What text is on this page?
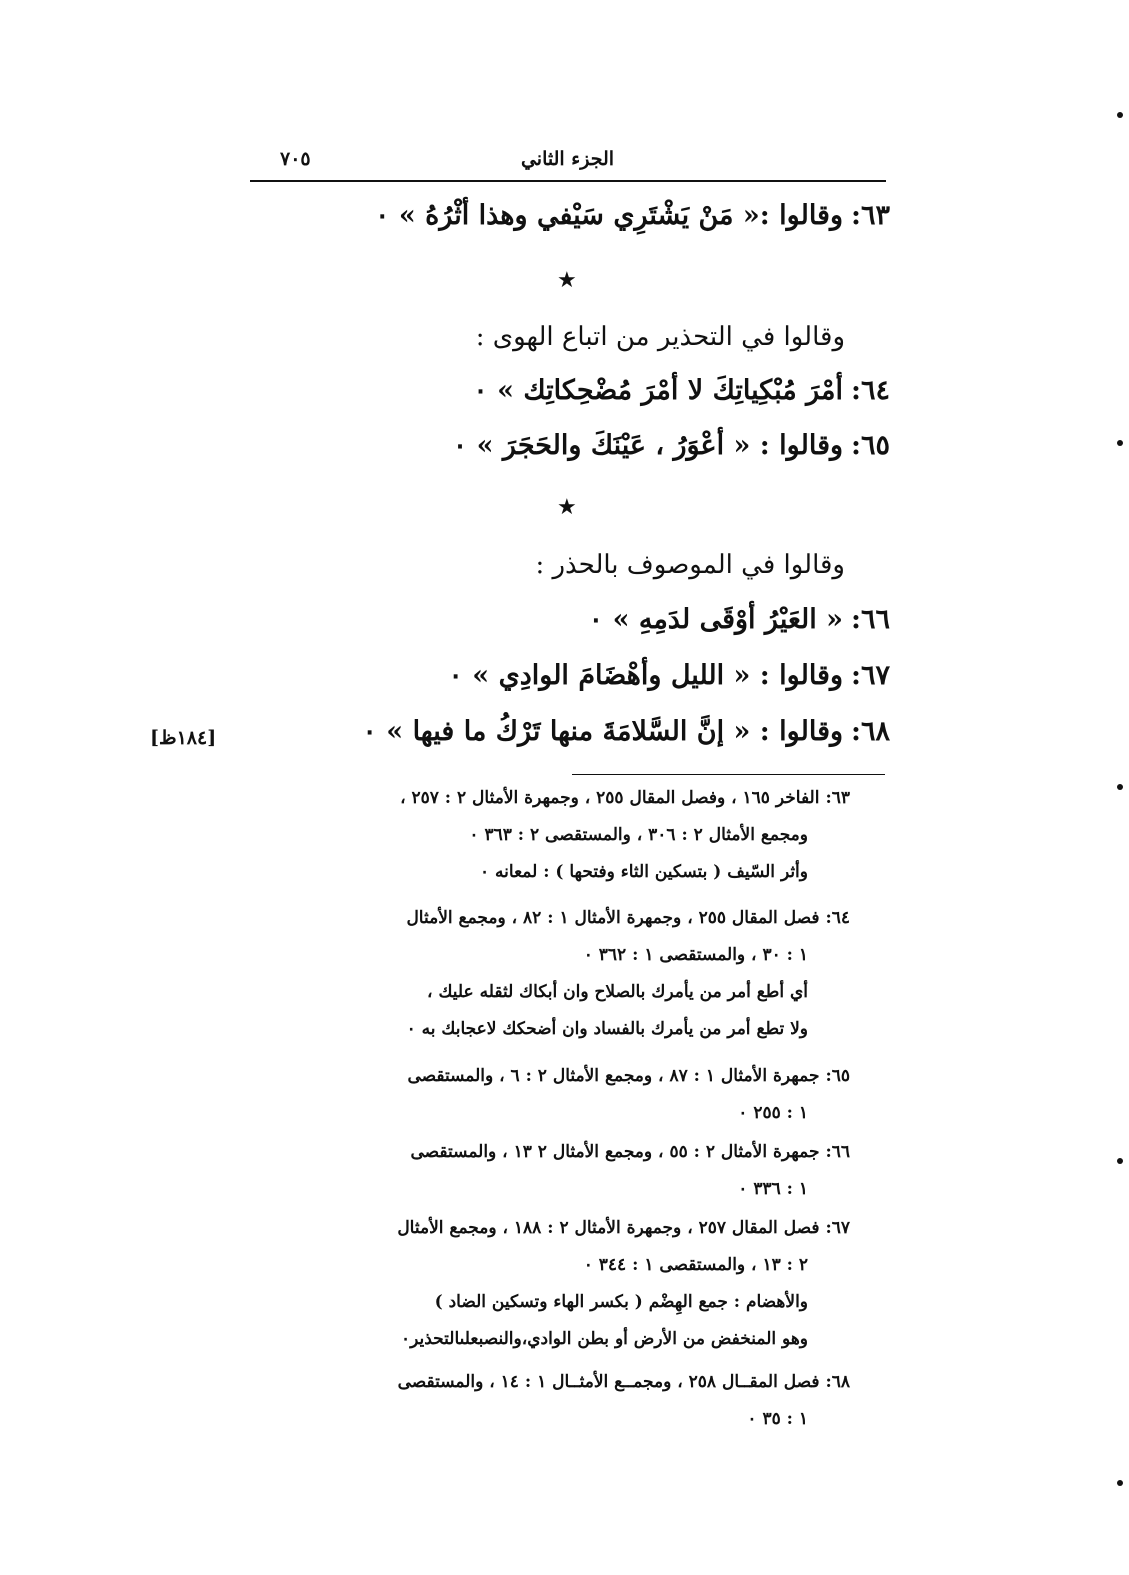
الجزء الثاني
٧٠٥
٦٣:وقالوا :« مَنْ يَشْتَرِي سَيْفي وهذا أثْرُهُ » ٠
★
وقالوا في التحذير من اتباع الهوى :
٦٤:أمْرَ مُبْكِياتِكَ لا أمْرَ مُضْحِكاتِك » ٠
٦٥:وقالوا : « أعْوَرُ ، عَيْنَكَ والحَجَرَ » ٠
★
وقالوا في الموصوف بالحذر :
٦٦:« العَيْرُ أوْقَى لدَمِهِ » ٠
٦٧:وقالوا : « الليل وأهْضَامَ الوادِي » ٠
٦٨:وقالوا : « إنَّ السَّلامَةَ منها تَرْكُ ما فيها » ٠
[١٨٤ظ]
٦٣:الفاخر ١٦٥ ، وفصل المقال ٢٥٥ ، وجمهرة الأمثال ٢ : ٢٥٧ ،
ومجمع الأمثال ٢ : ٣٠٦ ، والمستقصى ٢ : ٣٦٣ ٠
وأثر السّيف ( بتسكين الثاء وفتحها ) : لمعانه ٠
٦٤:فصل المقال ٢٥٥ ، وجمهرة الأمثال ١ : ٨٢ ، ومجمع الأمثال
١ : ٣٠ ، والمستقصى ١ : ٣٦٢ ٠
أي أطع أمر من يأمرك بالصلاح وان أبكاك لثقله عليك ،
ولا تطع أمر من يأمرك بالفساد وان أضحكك لاعجابك به ٠
٦٥:جمهرة الأمثال ١ : ٨٧ ، ومجمع الأمثال ٢ : ٦ ، والمستقصى
١ : ٢٥٥ ٠
٦٦:جمهرة الأمثال ٢ : ٥٥ ، ومجمع الأمثال ٢ ١٣ ، والمستقصى
١ : ٣٣٦ ٠
٦٧:فصل المقال ٢٥٧ ، وجمهرة الأمثال ٢ : ١٨٨ ، ومجمع الأمثال
٢ : ١٣ ، والمستقصى ١ : ٣٤٤ ٠
والأهضام : جمع الهِضْم ( بكسر الهاء وتسكين الضاد )
وهو المنخفض من الأرض أو بطن الوادي،والنصبعلىالتحذير٠
٦٨:فصل المقــال ٢٥٨ ، ومجمــع الأمثــال ١ : ١٤ ، والمستقصى
١ : ٣٥ ٠
